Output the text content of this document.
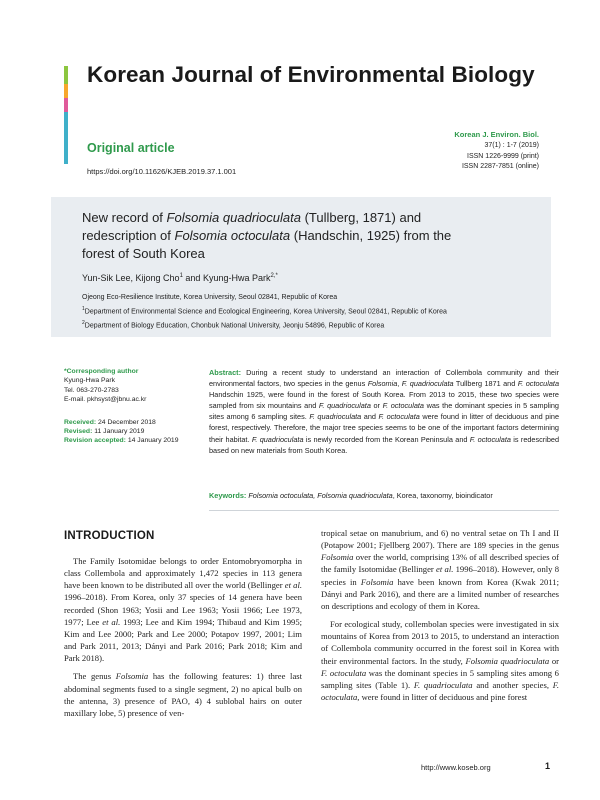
Korean Journal of Environmental Biology
Original article
https://doi.org/10.11626/KJEB.2019.37.1.001
Korean J. Environ. Biol.
37(1) : 1-7 (2019)
ISSN 1226-9999 (print)
ISSN 2287-7851 (online)
New record of Folsomia quadrioculata (Tullberg, 1871) and
redescription of Folsomia octoculata (Handschin, 1925) from the
forest of South Korea
Yun-Sik Lee, Kijong Cho$^1$ and Kyung-Hwa Park$^{2,*}$
Ojeong Eco-Resilience Institute, Korea University, Seoul 02841, Republic of Korea
$^1$Department of Environmental Science and Ecological Engineering, Korea University, Seoul 02841, Republic of Korea
$^2$Department of Biology Education, Chonbuk National University, Jeonju 54896, Republic of Korea
*Corresponding author
Kyung-Hwa Park
Tel. 063-270-2783
E-mail. pkhsyst@jbnu.ac.kr
Received: 24 December 2018
Revised: 11 January 2019
Revision accepted: 14 January 2019
Abstract: During a recent study to understand an interaction of Collembola community and their environmental factors, two species in the genus Folsomia, F. quadrioculata Tullberg 1871 and F. octoculata Handschin 1925, were found in the forest of South Korea. From 2013 to 2015, these two species were sampled from six mountains and F. quadrioculata or F. octoculata was the dominant species in 5 sampling sites among 6 sampling sites. F. quadrioculata and F. octoculata were found in litter of deciduous and pine forest, respectively. Therefore, the major tree species seems to be one of the important factors determining their habitat. F. quadrioculata is newly recorded from the Korean Peninsula and F. octoculata is redescribed based on new materials from South Korea.
Keywords: Folsomia octoculata, Folsomia quadrioculata, Korea, taxonomy, bioindicator
INTRODUCTION

The Family Isotomidae belongs to order Entomobryomorpha in class Collembola and approximately 1,472 species in 113 genera have been known to be distributed all over the world (Bellinger et al. 1996–2018). From Korea, only 37 species of 14 genera have been recorded (Shon 1963; Yosii and Lee 1963; Yosii 1966; Lee 1973, 1977; Lee et al. 1993; Lee and Kim 1994; Thibaud and Kim 1995; Kim and Lee 2000; Park and Lee 2000; Potapov 1997, 2001; Lim and Park 2011, 2013; Dányi and Park 2016; Park 2018; Kim and Park 2018).

The genus Folsomia has the following features: 1) three last abdominal segments fused to a single segment, 2) no apical bulb on the antenna, 3) presence of PAO, 4) 4 sublobal hairs on outer maxillary lobe, 5) presence of ven-

tropical setae on manubrium, and 6) no ventral setae on Th I and II (Potapow 2001; Fjellberg 2007). There are 189 species in the genus Folsomia over the world, comprising 13% of all described species of the family Isotomidae (Bellinger et al. 1996–2018). However, only 8 species in Folsomia have been known from Korea (Kwak 2011; Dányi and Park 2016), and there are a limited number of researches on descriptions and ecology of them in Korea.

For ecological study, collembolan species were investigated in six mountains of Korea from 2013 to 2015, to understand an interaction of Collembola community occurred in the forest soil in Korea with their environmental factors. In the study, Folsomia quadrioculata or F. octoculata was the dominant species in 5 sampling sites among 6 sampling sites (Table 1). F. quadrioculata and another species, F. octoculata, were found in litter of deciduous and pine forest

http://www.koseb.org	1
